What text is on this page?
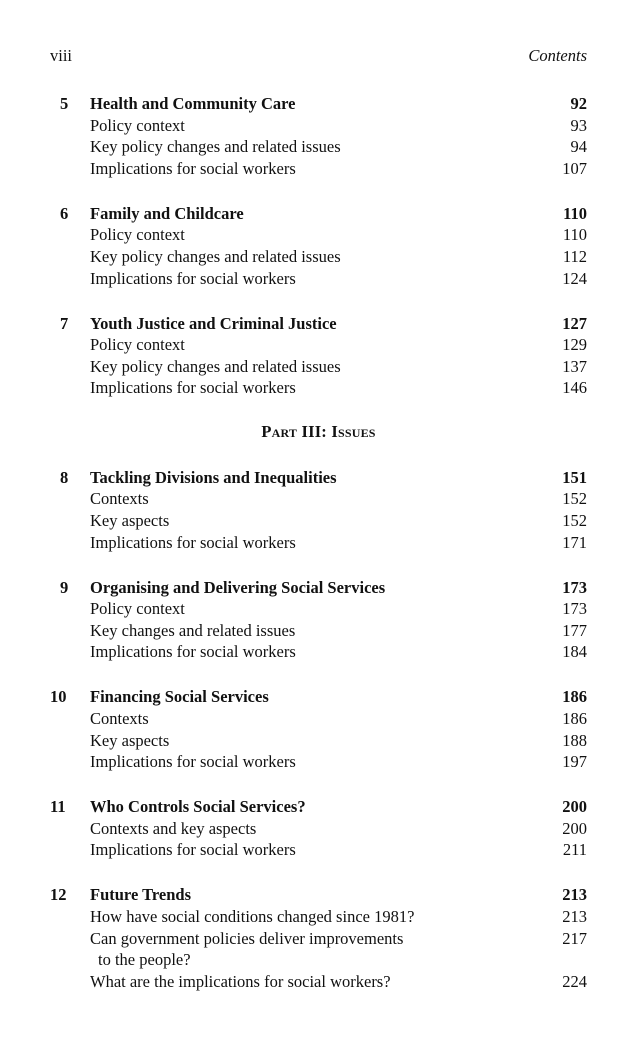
viii	Contents
5	Health and Community Care	92
Policy context	93
Key policy changes and related issues	94
Implications for social workers	107
6	Family and Childcare	110
Policy context	110
Key policy changes and related issues	112
Implications for social workers	124
7	Youth Justice and Criminal Justice	127
Policy context	129
Key policy changes and related issues	137
Implications for social workers	146
Part III: Issues
8	Tackling Divisions and Inequalities	151
Contexts	152
Key aspects	152
Implications for social workers	171
9	Organising and Delivering Social Services	173
Policy context	173
Key changes and related issues	177
Implications for social workers	184
10	Financing Social Services	186
Contexts	186
Key aspects	188
Implications for social workers	197
11	Who Controls Social Services?	200
Contexts and key aspects	200
Implications for social workers	211
12	Future Trends	213
How have social conditions changed since 1981?	213
Can government policies deliver improvements	217
to the people?
What are the implications for social workers?	224
